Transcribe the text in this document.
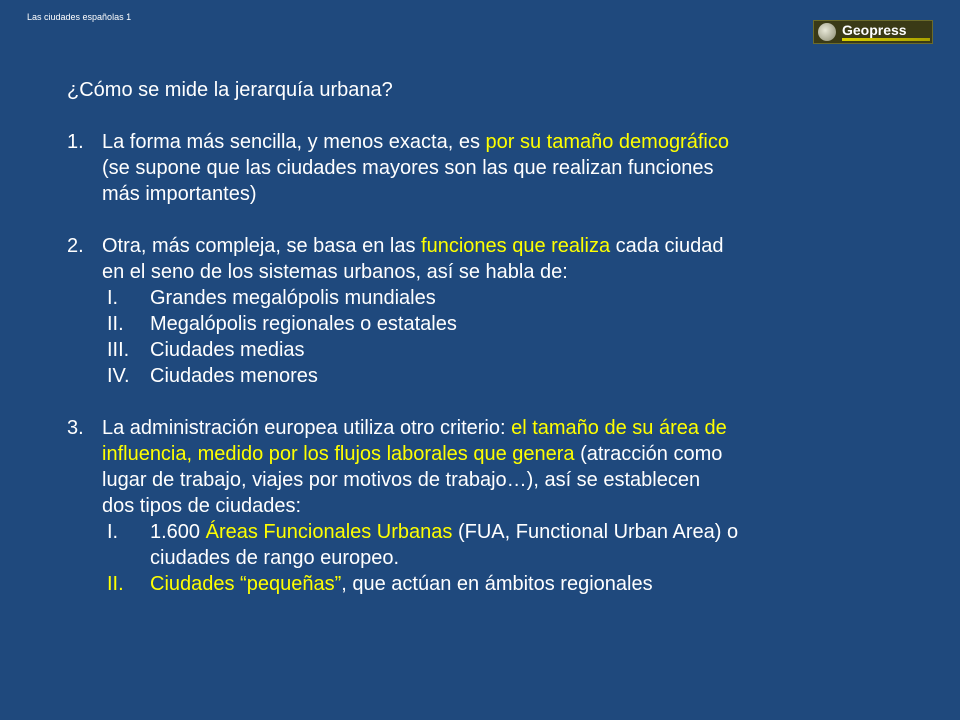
Las ciudades españolas 1
Geopress
¿Cómo se mide la jerarquía urbana?
1. La forma más sencilla, y menos exacta, es por su tamaño demográfico
(se supone que las ciudades mayores son las que realizan funciones
más importantes)
2. Otra, más compleja, se basa en las funciones que realiza cada ciudad
en el seno de los sistemas urbanos, así se habla de:
I.	Grandes megalópolis mundiales
II.	Megalópolis regionales o estatales
III.	Ciudades medias
IV.	Ciudades menores
3. La administración europea utiliza otro criterio: el tamaño de su área de
influencia, medido por los flujos laborales que genera (atracción como
lugar de trabajo, viajes por motivos de trabajo…), así se establecen
dos tipos de ciudades:
I.	1.600 Áreas Funcionales Urbanas (FUA, Functional Urban Area) o
ciudades de rango europeo.
II.	Ciudades “pequeñas”, que actúan en ámbitos regionales
